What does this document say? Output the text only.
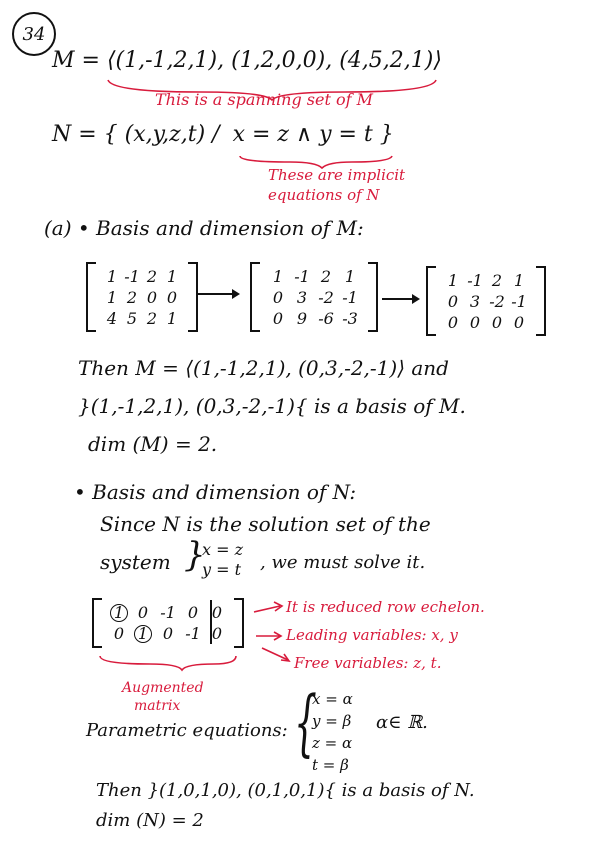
34
M = ⟨(1,-1,2,1), (1,2,0,0), (4,5,2,1)⟩
N = { (x,y,z,t) / x = z ∧ y = t }
This is a spanning set of M
These are implicit
equations of N
(a) • Basis and dimension of M:
1 -1 2 1
1 2 0 0
4 5 2 1
1 -1 2 1
0 3 -2 -1
0 9 -6 -3
1 -1 2 1
0 3 -2 -1
0 0 0 0
Then M = ⟨(1,-1,2,1), (0,3,-2,-1)⟩ and
}(1,-1,2,1), (0,3,-2,-1){ is a basis of M.
dim (M) = 2.
• Basis and dimension of N:
Since N is the solution set of the
system }
x = z
y = t , we must solve it.
1 0 -1 0 0
0 1 0 -1 0
It is reduced row echelon.
Leading variables: x, y
Free variables: z, t.
Augmented
matrix
Parametric equations: {
x = α
y = β
z = α
t = β
α∈ ℝ.
Then }(1,0,1,0), (0,1,0,1){ is a basis of N.
dim (N) = 2
